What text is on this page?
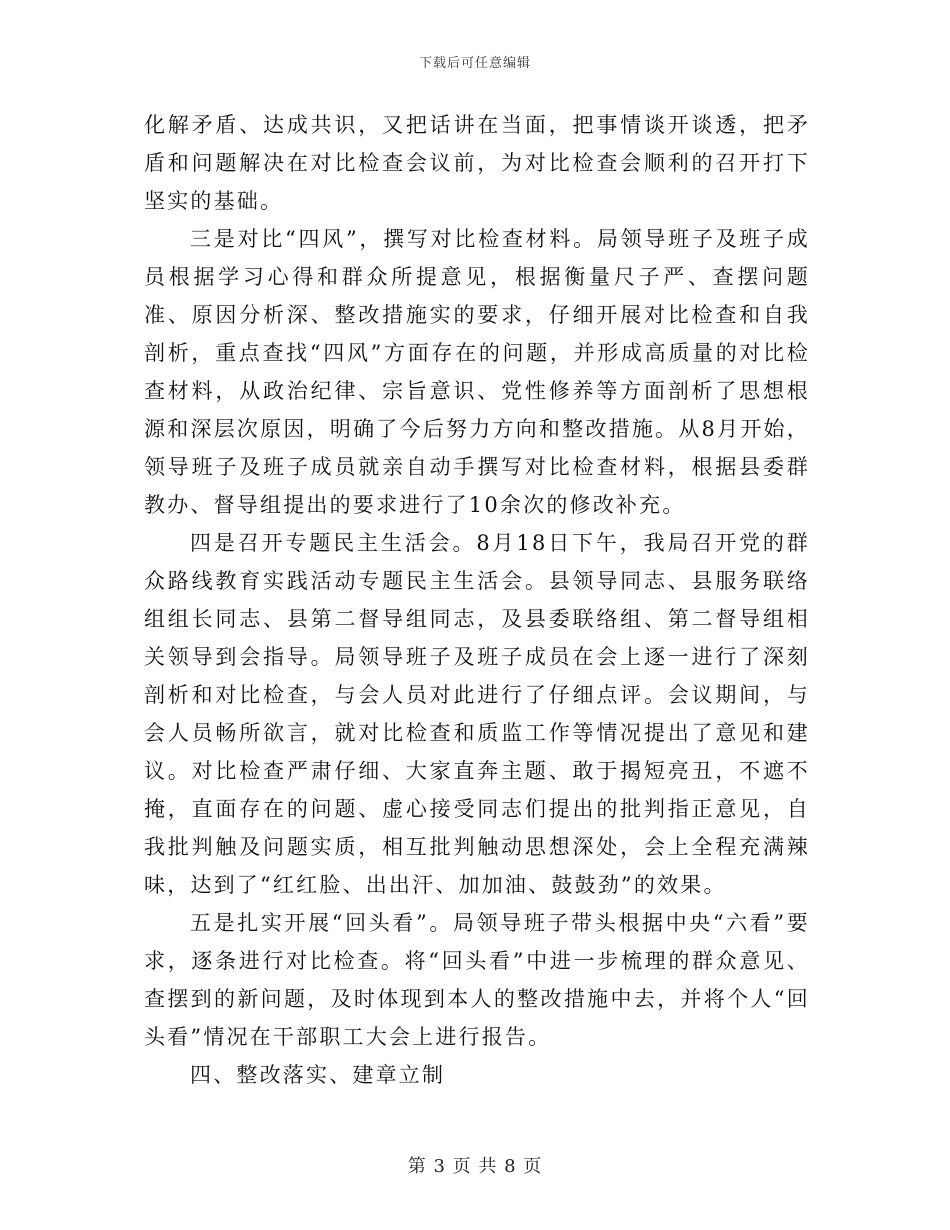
下载后可任意编辑

化解矛盾、达成共识，又把话讲在当面，把事情谈开谈透，把矛盾和问题解决在对比检查会议前，为对比检查会顺利的召开打下坚实的基础。

三是对比“四风”，撰写对比检查材料。局领导班子及班子成员根据学习心得和群众所提意见，根据衡量尺子严、查摆问题准、原因分析深、整改措施实的要求，仔细开展对比检查和自我剖析，重点查找“四风”方面存在的问题，并形成高质量的对比检查材料，从政治纪律、宗旨意识、党性修养等方面剖析了思想根源和深层次原因，明确了今后努力方向和整改措施。从8月开始，领导班子及班子成员就亲自动手撰写对比检查材料，根据县委群教办、督导组提出的要求进行了10余次的修改补充。

四是召开专题民主生活会。8月18日下午，我局召开党的群众路线教育实践活动专题民主生活会。县领导同志、县服务联络组组长同志、县第二督导组同志，及县委联络组、第二督导组相关领导到会指导。局领导班子及班子成员在会上逐一进行了深刻剖析和对比检查，与会人员对此进行了仔细点评。会议期间，与会人员畅所欲言，就对比检查和质监工作等情况提出了意见和建议。对比检查严肃仔细、大家直奔主题、敢于揭短亮丑，不遮不掩，直面存在的问题、虚心接受同志们提出的批判指正意见，自我批判触及问题实质，相互批判触动思想深处，会上全程充满辣味，达到了“红红脸、出出汗、加加油、鼓鼓劲”的效果。

五是扎实开展“回头看”。局领导班子带头根据中央“六看”要求，逐条进行对比检查。将“回头看”中进一步梳理的群众意见、查摆到的新问题，及时体现到本人的整改措施中去，并将个人“回头看”情况在干部职工大会上进行报告。

四、整改落实、建章立制

第 3 页 共 8 页
